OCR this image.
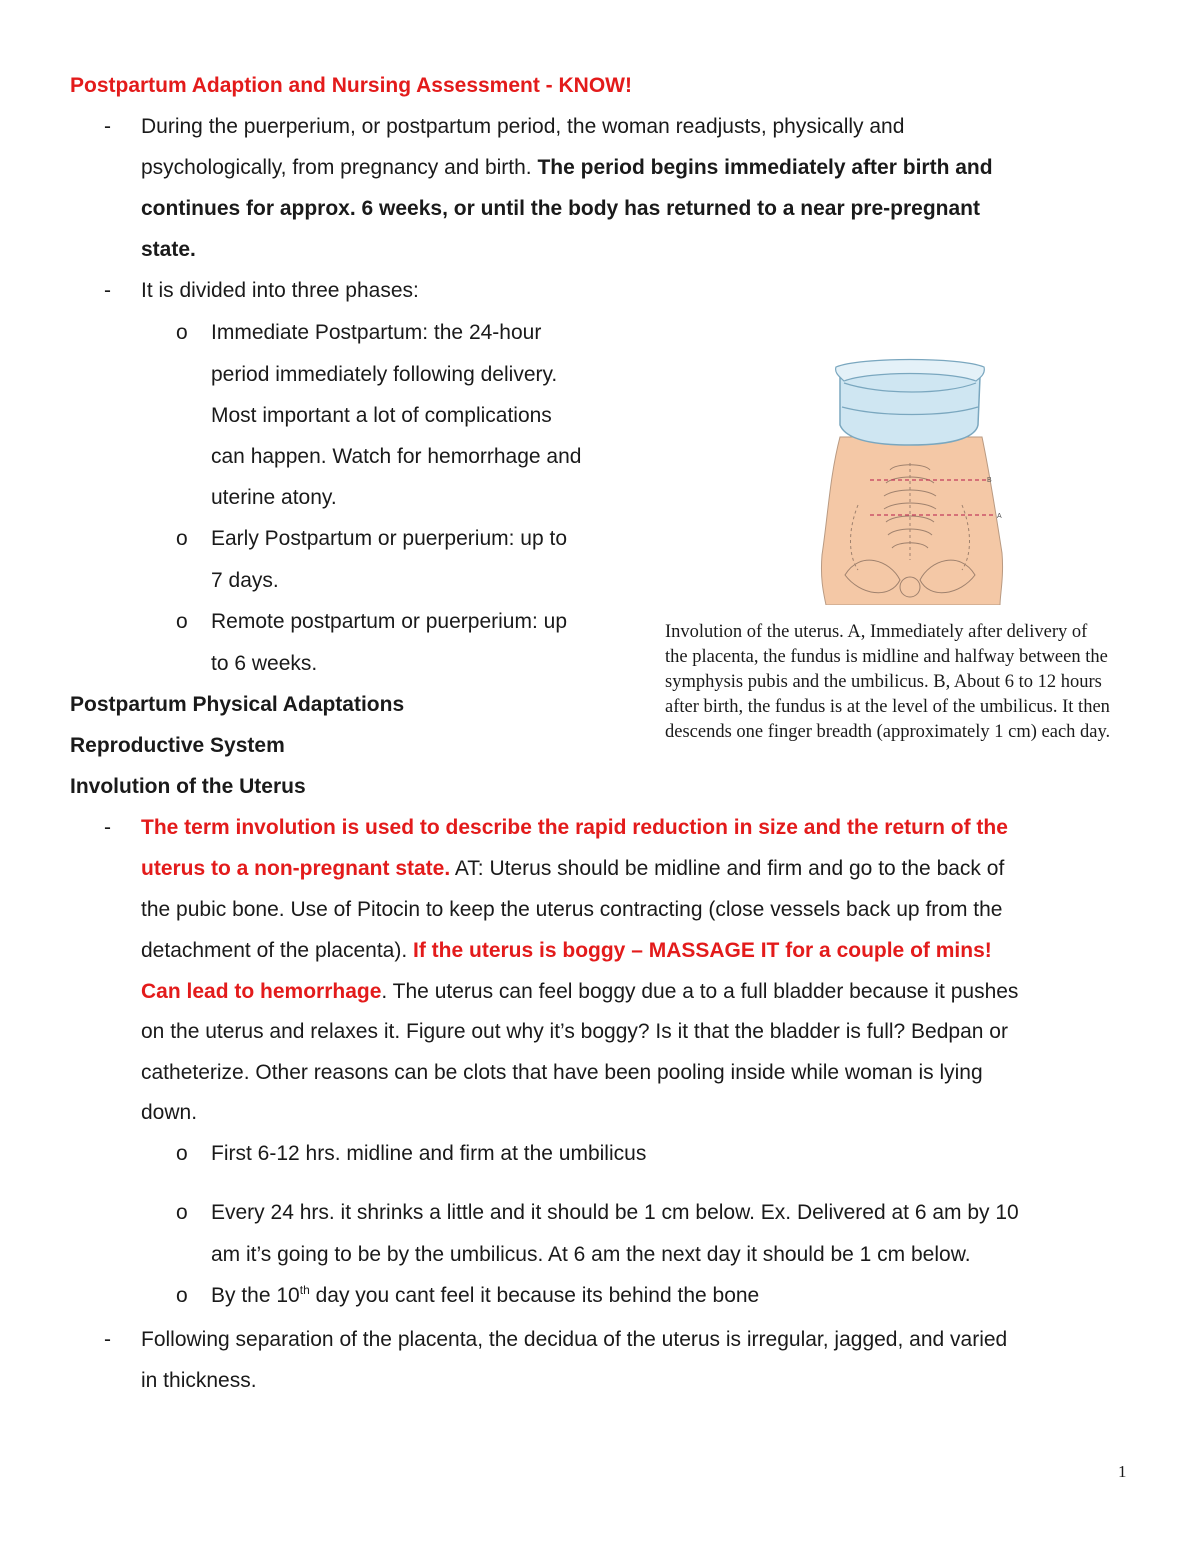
Postpartum Adaption and Nursing Assessment - KNOW!
- During the puerperium, or postpartum period, the woman readjusts, physically and
psychologically, from pregnancy and birth. The period begins immediately after birth and
continues for approx. 6 weeks, or until the body has returned to a near pre-pregnant
state.
- It is divided into three phases:
o Immediate Postpartum: the 24-hour
period immediately following delivery.
Most important a lot of complications
can happen. Watch for hemorrhage and
uterine atony.
o Early Postpartum or puerperium: up to
7 days.
o Remote postpartum or puerperium: up
to 6 weeks.
Postpartum Physical Adaptations
Reproductive System
Involution of the Uterus
B
A
Involution of the uterus. A, Immediately after delivery of
the placenta, the fundus is midline and halfway between the
symphysis pubis and the umbilicus. B, About 6 to 12 hours
after birth, the fundus is at the level of the umbilicus. It then
descends one finger breadth (approximately 1 cm) each day.
- The term involution is used to describe the rapid reduction in size and the return of the
uterus to a non-pregnant state. AT: Uterus should be midline and firm and go to the back of
the pubic bone. Use of Pitocin to keep the uterus contracting (close vessels back up from the
detachment of the placenta). If the uterus is boggy – MASSAGE IT for a couple of mins!
Can lead to hemorrhage. The uterus can feel boggy due a to a full bladder because it pushes
on the uterus and relaxes it. Figure out why it’s boggy? Is it that the bladder is full? Bedpan or
catheterize. Other reasons can be clots that have been pooling inside while woman is lying
down.
o First 6-12 hrs. midline and firm at the umbilicus
o Every 24 hrs. it shrinks a little and it should be 1 cm below. Ex. Delivered at 6 am by 10
am it’s going to be by the umbilicus. At 6 am the next day it should be 1 cm below.
o By the 10th day you cant feel it because its behind the bone
- Following separation of the placenta, the decidua of the uterus is irregular, jagged, and varied
in thickness.
1
